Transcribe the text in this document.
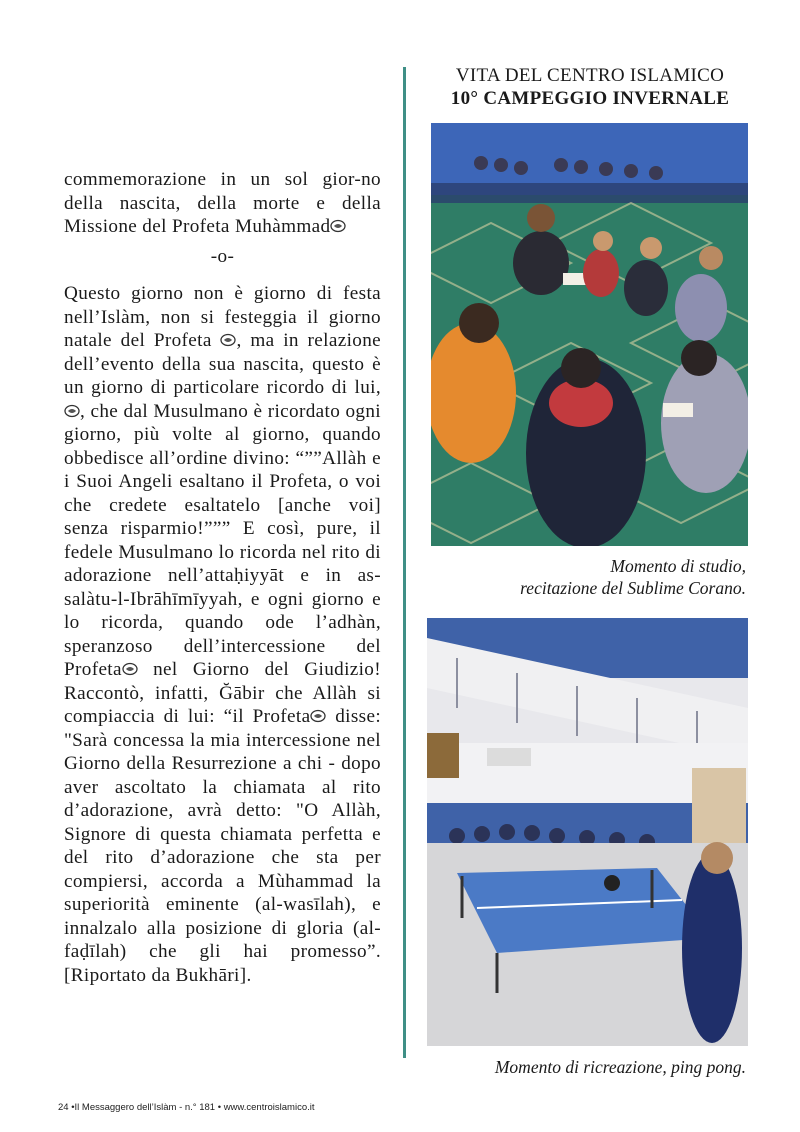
commemorazione in un sol gior-no della nascita, della morte e della Missione del Profeta Muhàmmad

-o-

Questo giorno non è giorno di festa nell’Islàm, non si festeggia il giorno natale del Profeta , ma in relazione dell’evento della sua nascita, questo è un giorno di particolare ricordo di lui,, che dal Musulmano è ricordato ogni giorno, più volte al giorno, quando obbedisce all’ordine divino: “””Allàh e i Suoi Angeli esaltano il Profeta, o voi che credete esaltatelo [anche voi] senza risparmio!””” E così, pure, il fedele Musulmano lo ricorda nel rito di adorazione nell’attaḥiyyāt e in as-salàtu-l-Ibrāhīmīyyah, e ogni giorno e lo ricorda, quando ode l’adhàn, speranzoso dell’intercessione del Profeta nel Giorno del Giudizio! Raccontò, infatti, Ğābir che Allàh si compiaccia di lui: “il Profeta disse: "Sarà concessa la mia intercessione nel Giorno della Resurrezione a chi - dopo aver ascoltato la chiamata al rito d’adorazione, avrà detto: "O Allàh, Signore di questa chiamata perfetta e del rito d’adorazione che sta per compiersi, accorda a Mùhammad la superiorità eminente (al-wasīlah), e innalzalo alla posizione di gloria (al-faḍīlah) che gli hai promesso”. [Riportato da Bukhāri].

VITA DEL CENTRO ISLAMICO
10° CAMPEGGIO INVERNALE
Momento di studio,
recitazione del Sublime Corano.
Momento di ricreazione, ping pong.
24 •Il Messaggero dell’Islàm - n.° 181 • www.centroislamico.it
